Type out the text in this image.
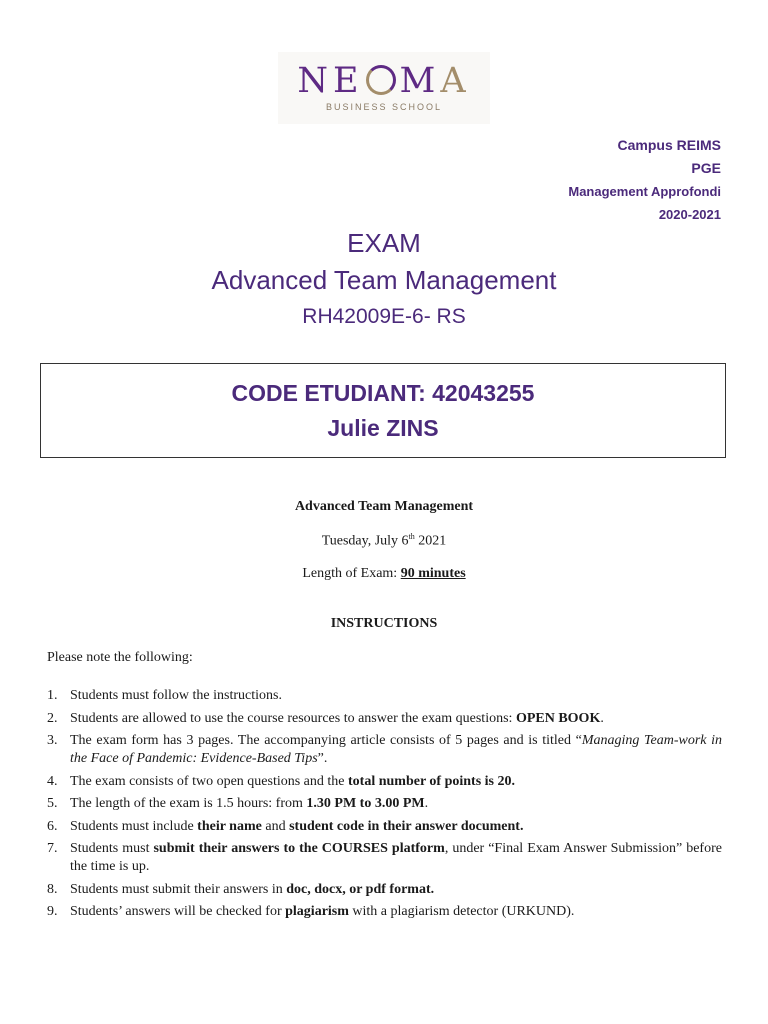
NE MA
BUSINESS SCHOOL
Campus REIMS
PGE
Management Approfondi
2020-2021
EXAM
Advanced Team Management
RH42009E-6- RS
CODE ETUDIANT: 42043255
Julie ZINS
Advanced Team Management
Tuesday, July 6th 2021
Length of Exam: 90 minutes
INSTRUCTIONS
Please note the following:
1. Students must follow the instructions.
2. Students are allowed to use the course resources to answer the exam questions: OPEN BOOK.
3. The exam form has 3 pages. The accompanying article consists of 5 pages and is titled “Managing Team-work in the Face of Pandemic: Evidence-Based Tips”.
4. The exam consists of two open questions and the total number of points is 20.
5. The length of the exam is 1.5 hours: from 1.30 PM to 3.00 PM.
6. Students must include their name and student code in their answer document.
7. Students must submit their answers to the COURSES platform, under “Final Exam Answer Submission” before the time is up.
8. Students must submit their answers in doc, docx, or pdf format.
9. Students’ answers will be checked for plagiarism with a plagiarism detector (URKUND).
